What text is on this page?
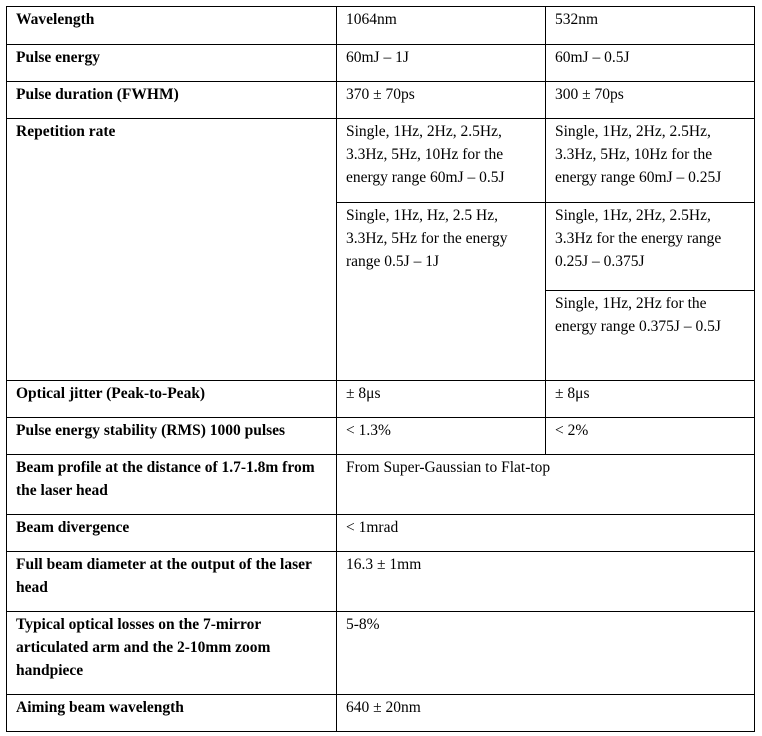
Wavelength	1064nm	532nm
Pulse energy	60mJ – 1J	60mJ – 0.5J
Pulse duration (FWHM)	370 ± 70ps	300 ± 70ps
Repetition rate	Single, 1Hz, 2Hz, 2.5Hz, 3.3Hz, 5Hz, 10Hz for the energy range 60mJ – 0.5J	Single, 1Hz, 2Hz, 2.5Hz, 3.3Hz, 5Hz, 10Hz for the energy range 60mJ – 0.25J
	Single, 1Hz, Hz, 2.5 Hz, 3.3Hz, 5Hz for the energy range 0.5J – 1J	Single, 1Hz, 2Hz, 2.5Hz, 3.3Hz for the energy range 0.25J – 0.375J
		Single, 1Hz, 2Hz for the energy range 0.375J – 0.5J
Optical jitter (Peak-to-Peak)	± 8μs	± 8μs
Pulse energy stability (RMS) 1000 pulses	< 1.3%	< 2%
Beam profile at the distance of 1.7-1.8m from the laser head	From Super-Gaussian to Flat-top	
Beam divergence	< 1mrad	
Full beam diameter at the output of the laser head	16.3 ± 1mm	
Typical optical losses on the 7-mirror articulated arm and the 2-10mm zoom handpiece	5-8%	
Aiming beam wavelength	640 ± 20nm	
